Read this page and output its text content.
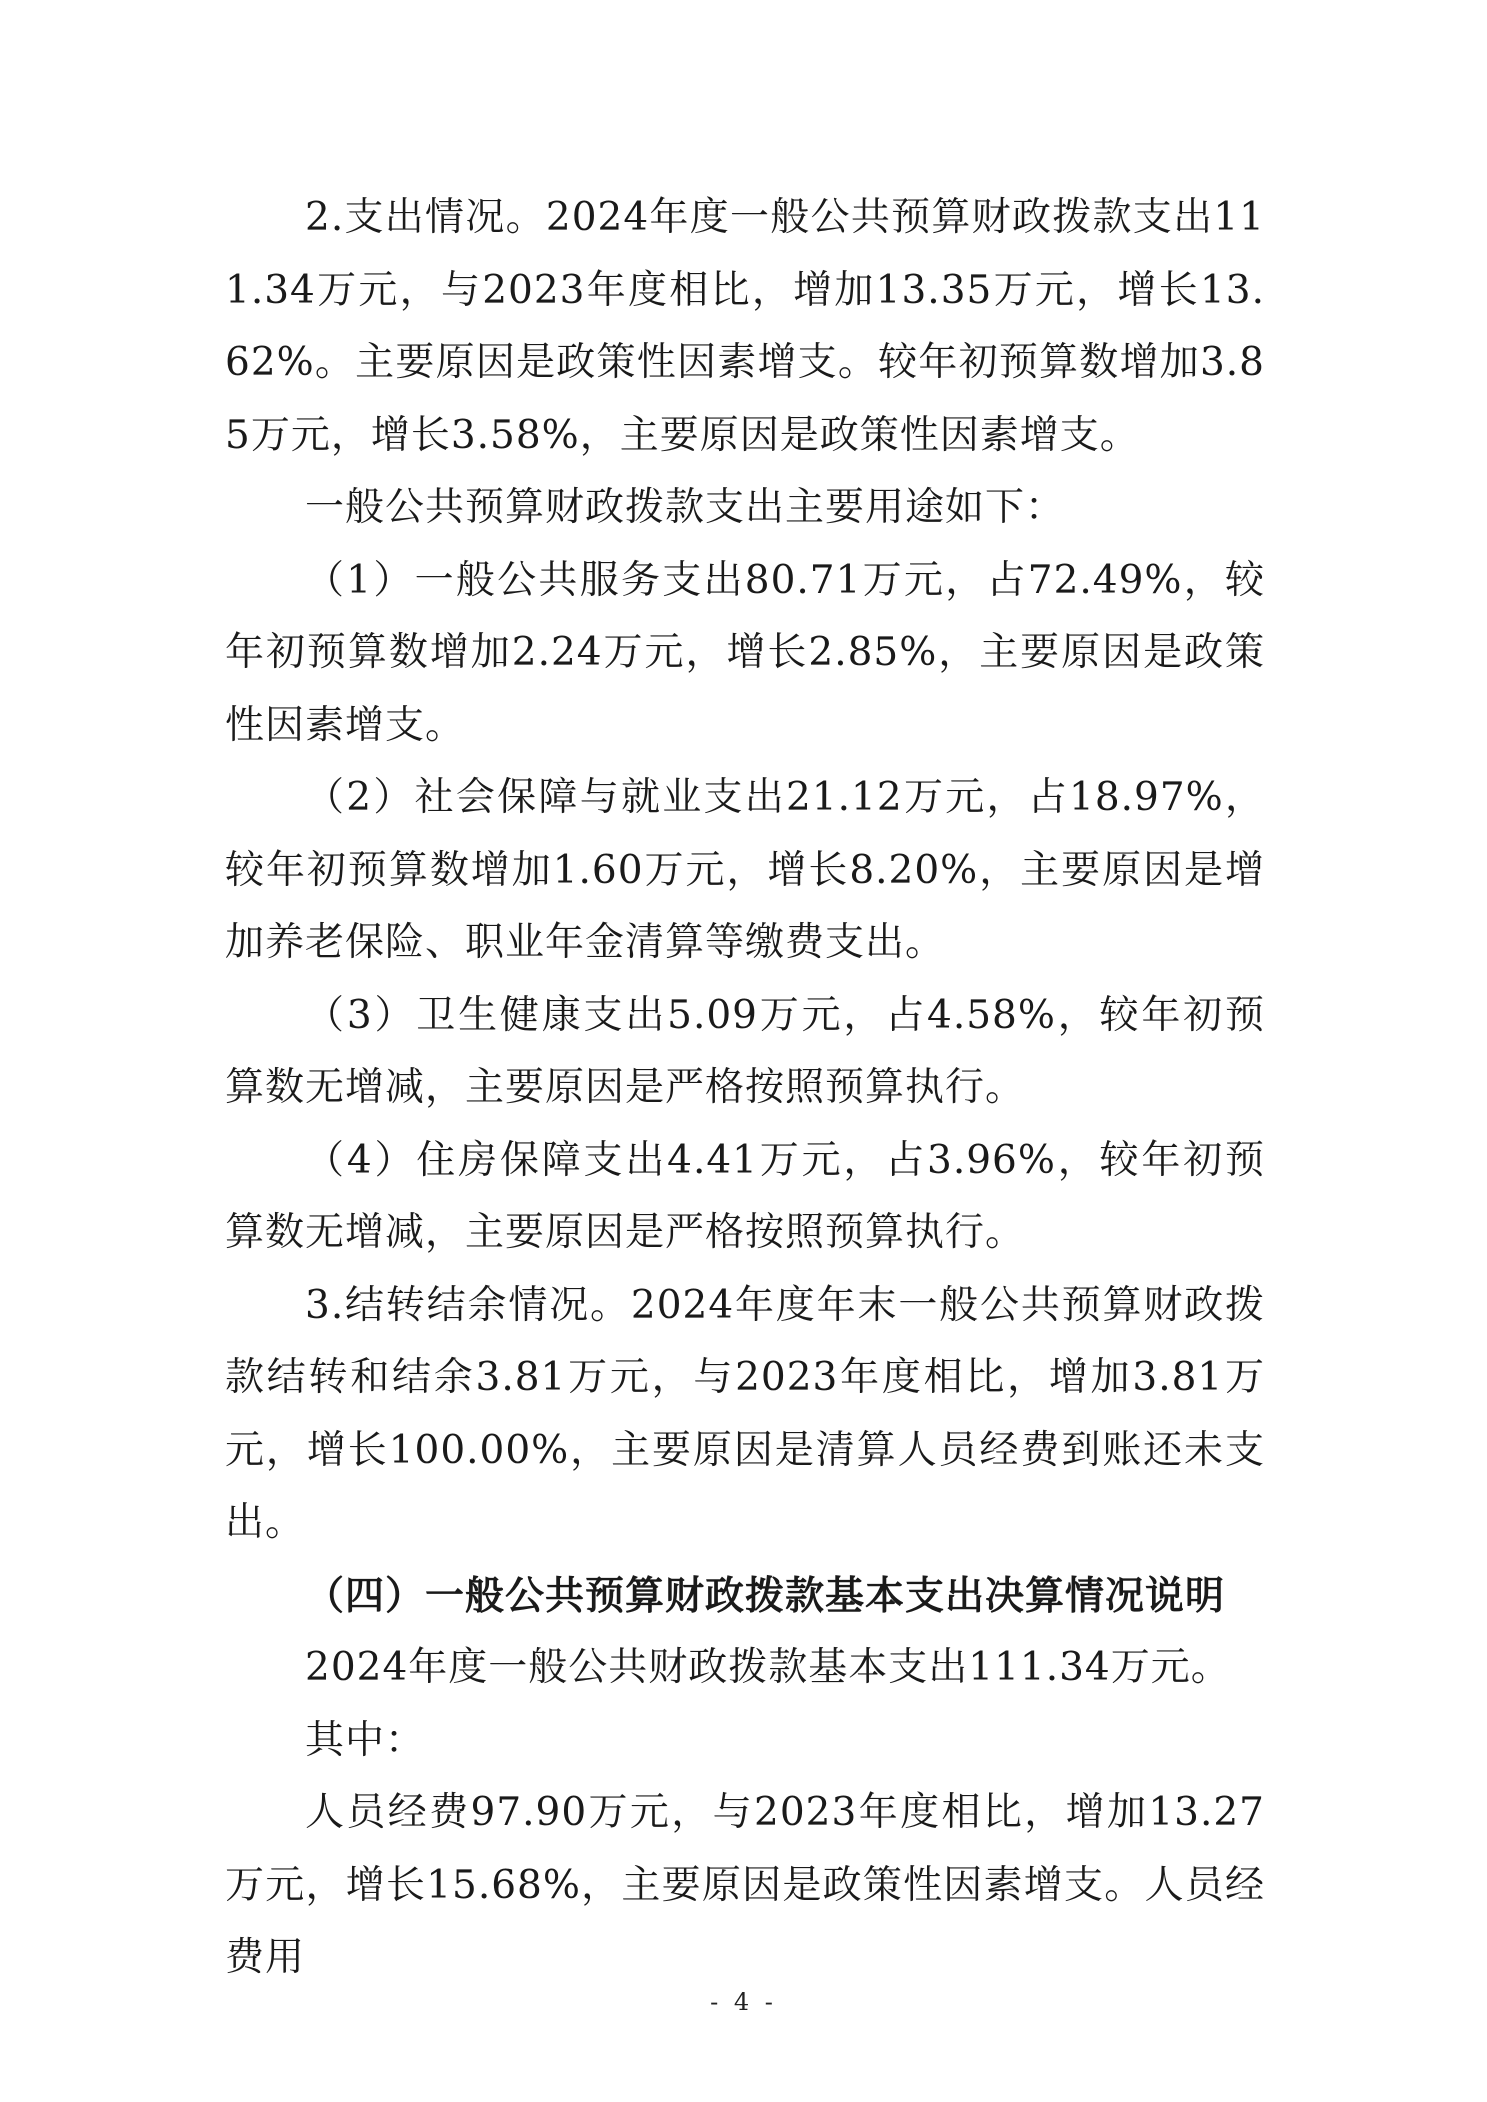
2.支出情况。2024年度一般公共预算财政拨款支出111.34万元，与2023年度相比，增加13.35万元，增长13.62%。主要原因是政策性因素增支。较年初预算数增加3.85万元，增长3.58%，主要原因是政策性因素增支。

一般公共预算财政拨款支出主要用途如下：

（1）一般公共服务支出80.71万元，占72.49%，较年初预算数增加2.24万元，增长2.85%，主要原因是政策性因素增支。

（2）社会保障与就业支出21.12万元，占18.97%，较年初预算数增加1.60万元，增长8.20%，主要原因是增加养老保险、职业年金清算等缴费支出。

（3）卫生健康支出5.09万元，占4.58%，较年初预算数无增减，主要原因是严格按照预算执行。

（4）住房保障支出4.41万元，占3.96%，较年初预算数无增减，主要原因是严格按照预算执行。

3.结转结余情况。2024年度年末一般公共预算财政拨款结转和结余3.81万元，与2023年度相比，增加3.81万元，增长100.00%，主要原因是清算人员经费到账还未支出。

（四）一般公共预算财政拨款基本支出决算情况说明

2024年度一般公共财政拨款基本支出111.34万元。

其中：

人员经费97.90万元，与2023年度相比，增加13.27万元，增长15.68%，主要原因是政策性因素增支。人员经费用

- 4 -
